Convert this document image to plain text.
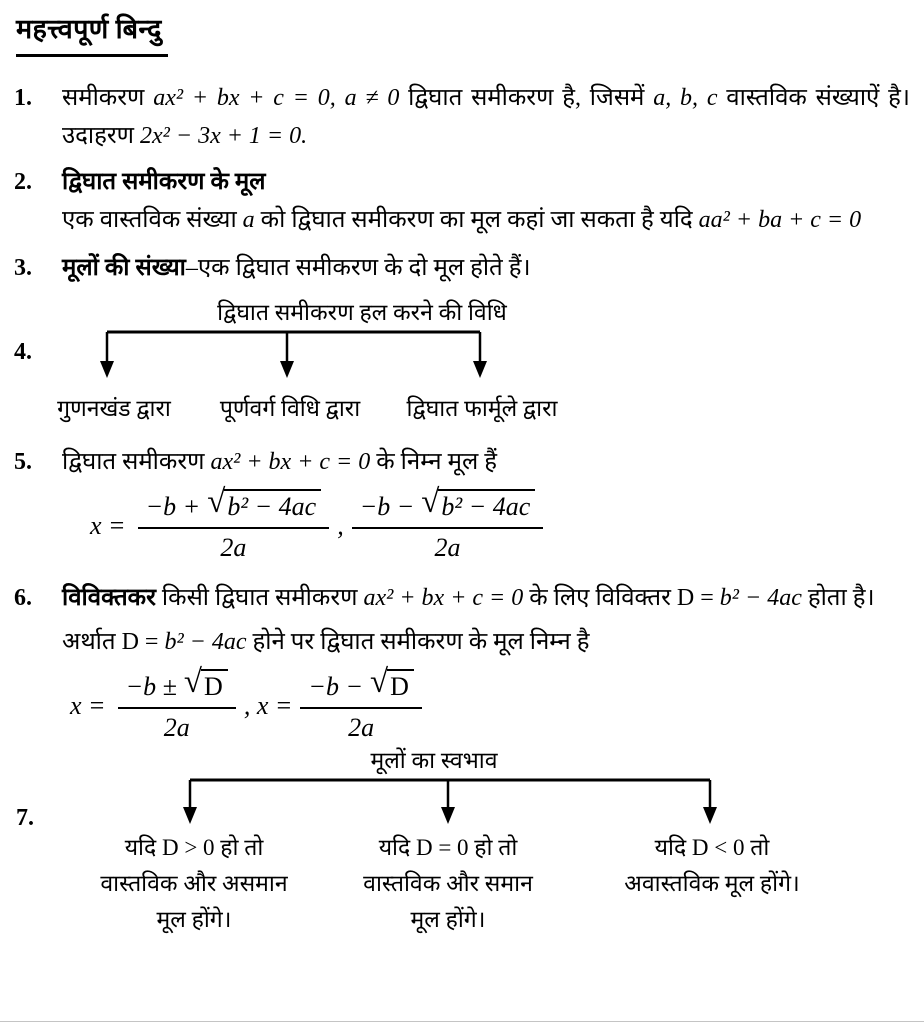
महत्त्वपूर्ण बिन्दु
1.	समीकरण ax² + bx + c = 0, a ≠ 0 द्विघात समीकरण है, जिसमें a, b, c वास्तविक संख्याऐं है। उदाहरण 2x² − 3x + 1 = 0.
2.	द्विघात समीकरण के मूल
एक वास्तविक संख्या a को द्विघात समीकरण का मूल कहां जा सकता है यदि aa² + ba + c = 0
3.	मूलों की संख्या–एक द्विघात समीकरण के दो मूल होते हैं।
4.
द्विघात समीकरण हल करने की विधि
गुणनखंड द्वारा पूर्णवर्ग विधि द्वारा द्विघात फार्मूले द्वारा
5.	द्विघात समीकरण ax² + bx + c = 0 के निम्न मूल हैं
$x = \frac{\text{−b + √ b² − 4ac}}{2a}$ , $\frac{\text{−b − √ b² − 4ac}}{2a}$
6.	विविक्तकर किसी द्विघात समीकरण ax² + bx + c = 0 के लिए विविक्तर D = b² − 4ac होता है।
अर्थात D = b² − 4ac होने पर द्विघात समीकरण के मूल निम्न है
$x = \frac{-b \pm √ D}{2a}$ , $x = \frac{-b - √ D}{2a}$
7.
मूलों का स्वभाव
यदि D > 0 हो तो
वास्तविक और असमान
मूल होंगे।
यदि D = 0 हो तो
वास्तविक और समान
मूल होंगे।
यदि D < 0 तो
अवास्तविक मूल होंगे।
